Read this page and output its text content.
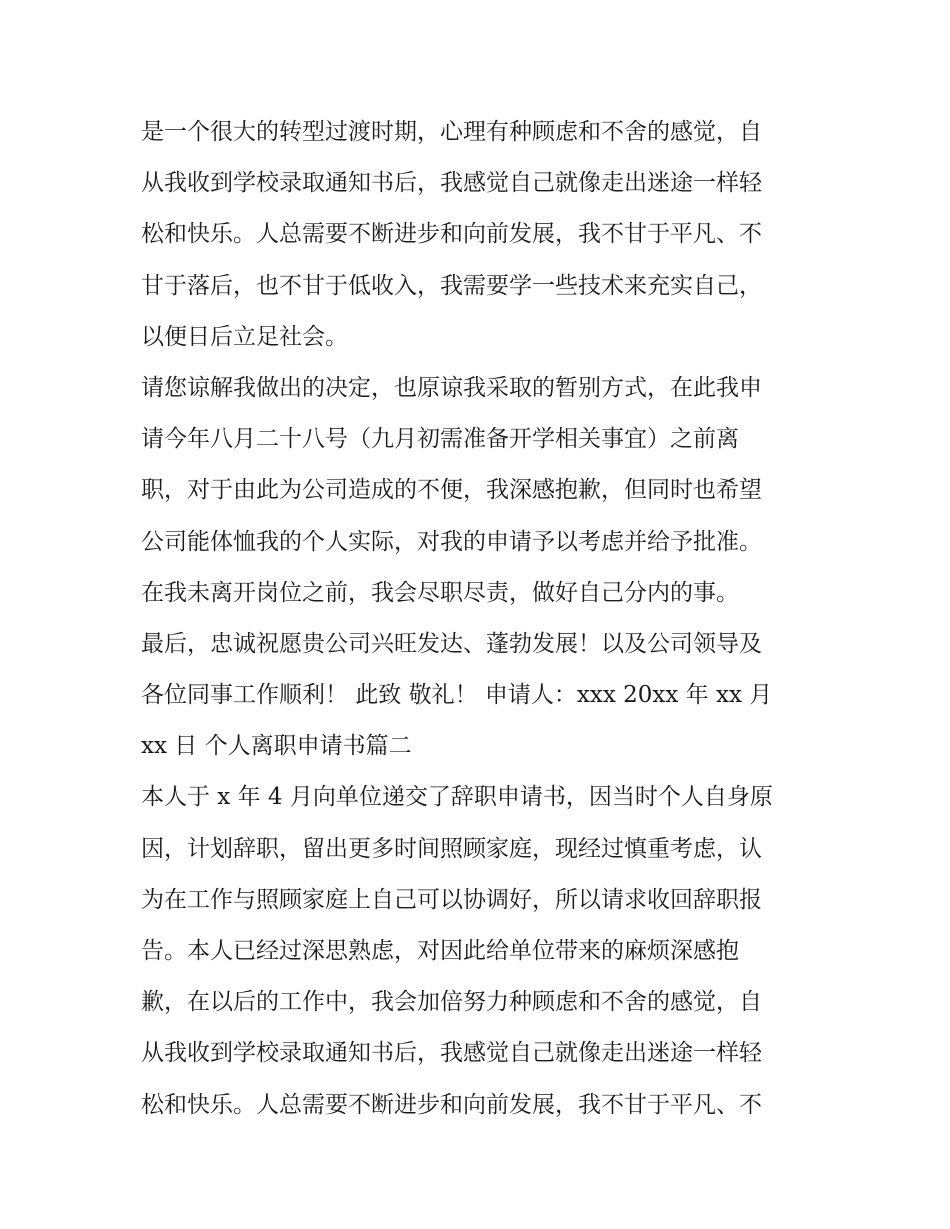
是一个很大的转型过渡时期，心理有种顾虑和不舍的感觉，自
从我收到学校录取通知书后，我感觉自己就像走出迷途一样轻
松和快乐。人总需要不断进步和向前发展，我不甘于平凡、不
甘于落后，也不甘于低收入，我需要学一些技术来充实自己，
以便日后立足社会。
请您谅解我做出的决定，也原谅我采取的暂别方式，在此我申
请今年八月二十八号（九月初需准备开学相关事宜）之前离
职，对于由此为公司造成的不便，我深感抱歉，但同时也希望
公司能体恤我的个人实际，对我的申请予以考虑并给予批准。
在我未离开岗位之前，我会尽职尽责，做好自己分内的事。
最后，忠诚祝愿贵公司兴旺发达、蓬勃发展！以及公司领导及
各位同事工作顺利！ 此致 敬礼！ 申请人：xxx 20xx 年 xx 月
xx 日 个人离职申请书篇二
本人于 x 年 4 月向单位递交了辞职申请书，因当时个人自身原
因，计划辞职，留出更多时间照顾家庭，现经过慎重考虑，认
为在工作与照顾家庭上自己可以协调好，所以请求收回辞职报
告。本人已经过深思熟虑，对因此给单位带来的麻烦深感抱
歉，在以后的工作中，我会加倍努力种顾虑和不舍的感觉，自
从我收到学校录取通知书后，我感觉自己就像走出迷途一样轻
松和快乐。人总需要不断进步和向前发展，我不甘于平凡、不
